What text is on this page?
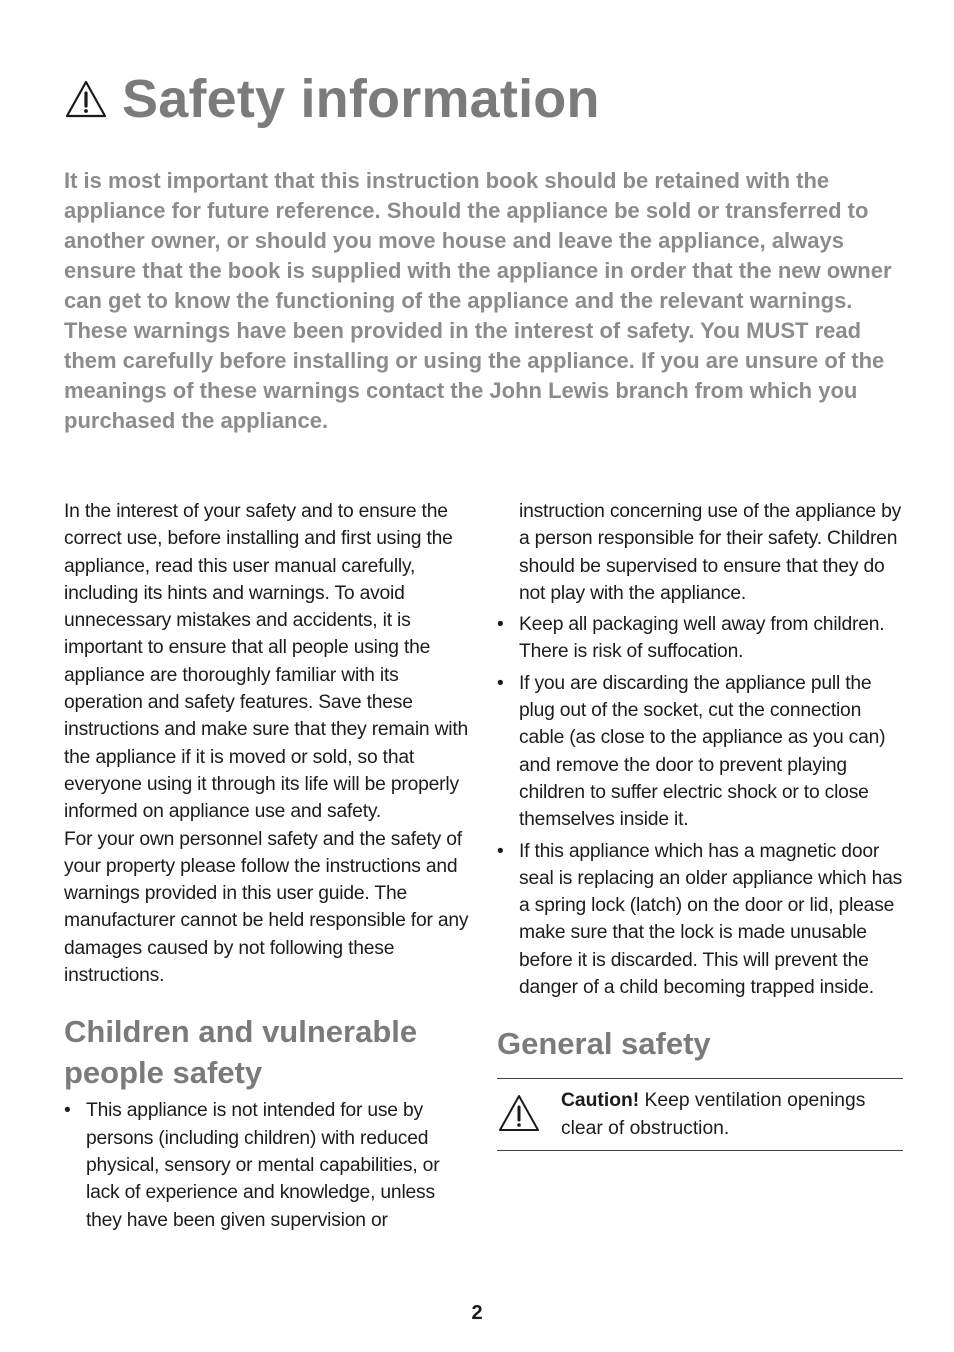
Safety information

It is most important that this instruction book should be retained with the appliance for future reference. Should the appliance be sold or transferred to another owner, or should you move house and leave the appliance, always ensure that the book is supplied with the appliance in order that the new owner can get to know the functioning of the appliance and the relevant warnings.

These warnings have been provided in the interest of safety. You MUST read them carefully before installing or using the appliance. If you are unsure of the meanings of these warnings contact the John Lewis branch from which you purchased the appliance.

In the interest of your safety and to ensure the correct use, before installing and first using the appliance, read this user manual carefully, including its hints and warnings. To avoid unnecessary mistakes and accidents, it is important to ensure that all people using the appliance are thoroughly familiar with its operation and safety features. Save these instructions and make sure that they remain with the appliance if it is moved or sold, so that everyone using it through its life will be properly informed on appliance use and safety.

For your own personnel safety and the safety of your property please follow the instructions and warnings provided in this user guide. The manufacturer cannot be held responsible for any damages caused by not following these instructions.

Children and vulnerable people safety
• This appliance is not intended for use by persons (including children) with reduced physical, sensory or mental capabilities, or lack of experience and knowledge, unless they have been given supervision or

instruction concerning use of the appliance by a person responsible for their safety. Children should be supervised to ensure that they do not play with the appliance.

• Keep all packaging well away from children. There is risk of suffocation.
• If you are discarding the appliance pull the plug out of the socket, cut the connection cable (as close to the appliance as you can) and remove the door to prevent playing children to suffer electric shock or to close themselves inside it.
• If this appliance which has a magnetic door seal is replacing an older appliance which has a spring lock (latch) on the door or lid, please make sure that the lock is made unusable before it is discarded. This will prevent the danger of a child becoming trapped inside.
General safety
Caution! Keep ventilation openings clear of obstruction.
2
